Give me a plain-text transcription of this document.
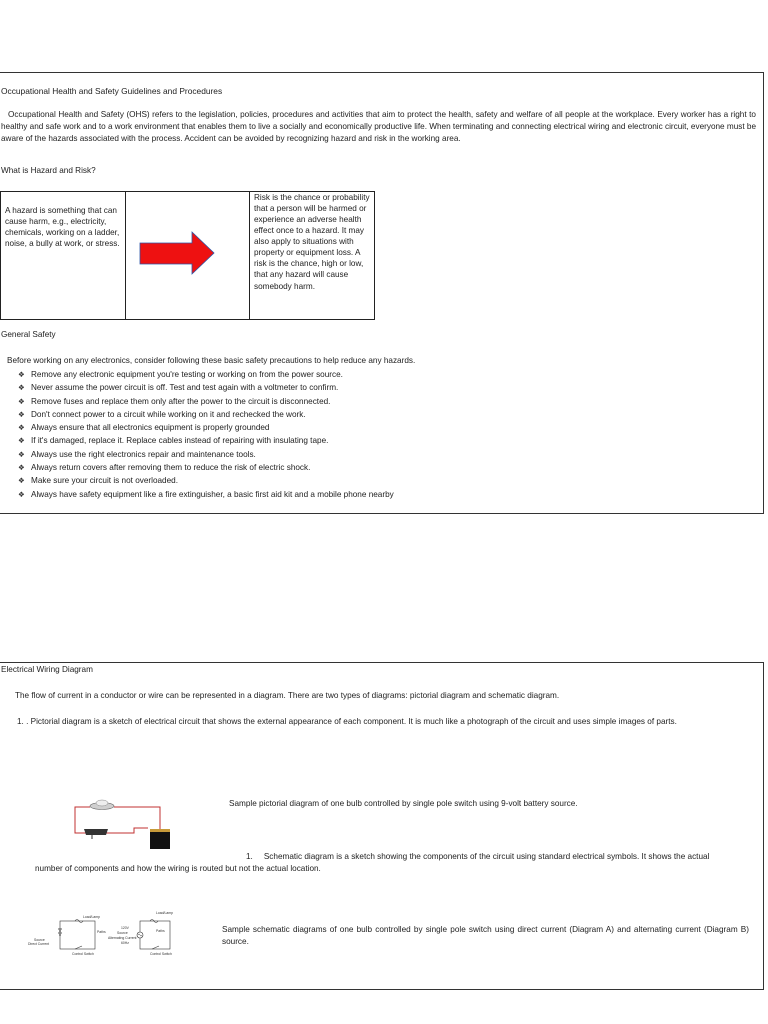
Occupational Health and Safety Guidelines and Procedures

Occupational Health and Safety (OHS) refers to the legislation, policies, procedures and activities that aim to protect the health, safety and welfare of all people at the workplace. Every worker has a right to healthy and safe work and to a work environment that enables them to live a socially and economically productive life. When terminating and connecting electrical wiring and electronic circuit, everyone must be aware of the hazards associated with the process. Accident can be avoided by recognizing hazard and risk in the working area.

What is Hazard and Risk?

A hazard is something that can cause harm, e.g., electricity, chemicals, working on a ladder, noise, a bully at work, or stress.

Risk is the chance or probability that a person will be harmed or experience an adverse health effect once to a hazard. It may also apply to situations with property or equipment loss. A risk is the chance, high or low, that any hazard will cause somebody harm.

General Safety

Before working on any electronics, consider following these basic safety precautions to help reduce any hazards.

❖ Remove any electronic equipment you're testing or working on from the power source.
❖ Never assume the power circuit is off. Test and test again with a voltmeter to confirm.
❖ Remove fuses and replace them only after the power to the circuit is disconnected.
❖ Don't connect power to a circuit while working on it and rechecked the work.
❖ Always ensure that all electronics equipment is properly grounded
❖ If it's damaged, replace it. Replace cables instead of repairing with insulating tape.
❖ Always use the right electronics repair and maintenance tools.
❖ Always return covers after removing them to reduce the risk of electric shock.
❖ Make sure your circuit is not overloaded.
❖ Always have safety equipment like a fire extinguisher, a basic first aid kit and a mobile phone nearby

Electrical Wiring Diagram

The flow of current in a conductor or wire can be represented in a diagram. There are two types of diagrams: pictorial diagram and schematic diagram.

1. . Pictorial diagram is a sketch of electrical circuit that shows the external appearance of each component. It is much like a photograph of the circuit and uses simple images of parts.

Sample pictorial diagram of one bulb controlled by single pole switch using 9-volt battery source.

1. Schematic diagram is a sketch showing the components of the circuit using standard electrical symbols. It shows the actual

number of components and how the wiring is routed but not the actual location.

Load/Lamp
Paths
Source
Direct Current
Control Switch
Load/Lamp
Paths
120V
Source
Alternating Current
60Hz
Control Switch

Sample schematic diagrams of one bulb controlled by single pole switch using direct current (Diagram A) and alternating current (Diagram B) source.
